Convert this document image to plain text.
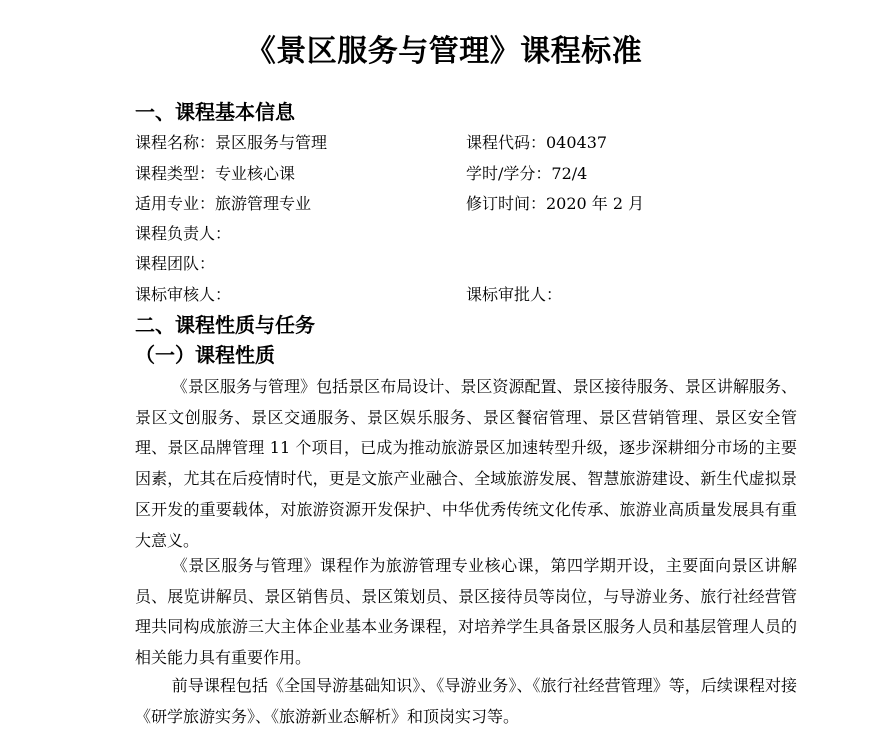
《景区服务与管理》课程标准
一、课程基本信息
课程名称：景区服务与管理	课程代码：040437
课程类型：专业核心课	学时/学分：72/4
适用专业：旅游管理专业	修订时间：2020 年 2 月
课程负责人：
课程团队：
课标审核人：	课标审批人：
二、课程性质与任务
（一）课程性质

《景区服务与管理》包括景区布局设计、景区资源配置、景区接待服务、景区讲解服务、景区文创服务、景区交通服务、景区娱乐服务、景区餐宿管理、景区营销管理、景区安全管理、景区品牌管理 11 个项目，已成为推动旅游景区加速转型升级，逐步深耕细分市场的主要因素，尤其在后疫情时代，更是文旅产业融合、全域旅游发展、智慧旅游建设、新生代虚拟景区开发的重要载体，对旅游资源开发保护、中华优秀传统文化传承、旅游业高质量发展具有重大意义。

《景区服务与管理》课程作为旅游管理专业核心课，第四学期开设，主要面向景区讲解员、展览讲解员、景区销售员、景区策划员、景区接待员等岗位，与导游业务、旅行社经营管理共同构成旅游三大主体企业基本业务课程，对培养学生具备景区服务人员和基层管理人员的相关能力具有重要作用。

前导课程包括《全国导游基础知识》、《导游业务》、《旅行社经营管理》等，后续课程对接《研学旅游实务》、《旅游新业态解析》和顶岗实习等。
